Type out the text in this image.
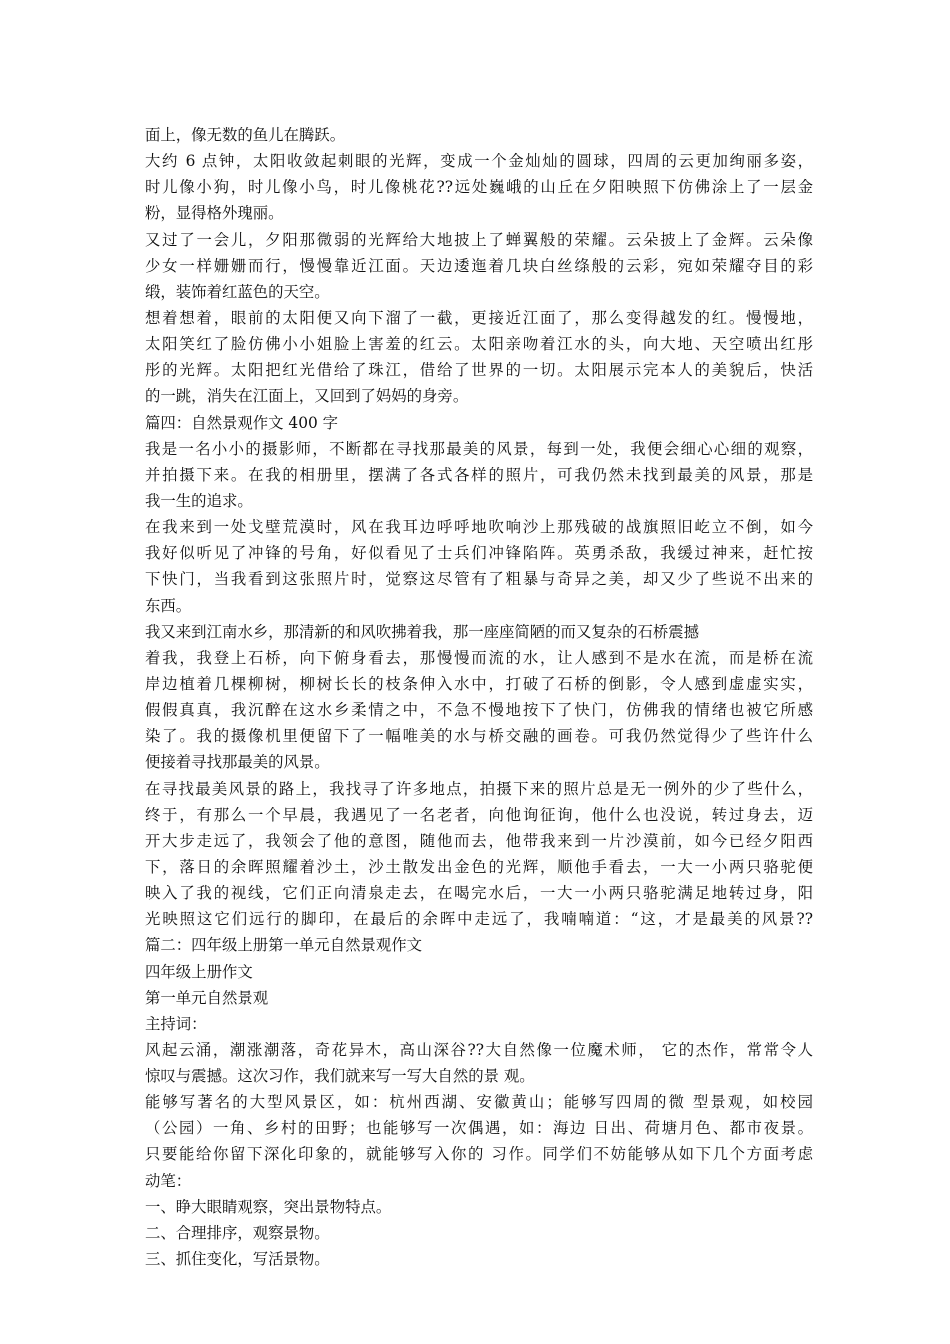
面上，像无数的鱼儿在腾跃。
大约 6 点钟，太阳收敛起刺眼的光辉，变成一个金灿灿的圆球，四周的云更加绚丽多姿，
时儿像小狗，时儿像小鸟，时儿像桃花??远处巍峨的山丘在夕阳映照下仿佛涂上了一层金
粉，显得格外瑰丽。
又过了一会儿，夕阳那微弱的光辉给大地披上了蝉翼般的荣耀。云朵披上了金辉。云朵像
少女一样姗姗而行，慢慢靠近江面。天边逶迤着几块白丝绦般的云彩，宛如荣耀夺目的彩
缎，装饰着红蓝色的天空。
想着想着，眼前的太阳便又向下溜了一截，更接近江面了，那么变得越发的红。慢慢地，
太阳笑红了脸仿佛小小姐脸上害羞的红云。太阳亲吻着江水的头，向大地、天空喷出红彤
彤的光辉。太阳把红光借给了珠江，借给了世界的一切。太阳展示完本人的美貌后，快活
的一跳，消失在江面上，又回到了妈妈的身旁。
篇四：自然景观作文 400 字
我是一名小小的摄影师，不断都在寻找那最美的风景，每到一处，我便会细心心细的观察，
并拍摄下来。在我的相册里，摆满了各式各样的照片，可我仍然未找到最美的风景，那是
我一生的追求。
在我来到一处戈壁荒漠时，风在我耳边呼呼地吹响沙上那残破的战旗照旧屹立不倒，如今
我好似听见了冲锋的号角，好似看见了士兵们冲锋陷阵。英勇杀敌，我缓过神来，赶忙按
下快门，当我看到这张照片时，觉察这尽管有了粗暴与奇异之美，却又少了些说不出来的
东西。
我又来到江南水乡，那清新的和风吹拂着我，那一座座简陋的而又复杂的石桥震撼
着我，我登上石桥，向下俯身看去，那慢慢而流的水，让人感到不是水在流，而是桥在流
岸边植着几棵柳树，柳树长长的枝条伸入水中，打破了石桥的倒影，令人感到虚虚实实，
假假真真，我沉醉在这水乡柔情之中，不急不慢地按下了快门，仿佛我的情绪也被它所感
染了。我的摄像机里便留下了一幅唯美的水与桥交融的画卷。可我仍然觉得少了些许什么
便接着寻找那最美的风景。
在寻找最美风景的路上，我找寻了许多地点，拍摄下来的照片总是无一例外的少了些什么，
终于，有那么一个早晨，我遇见了一名老者，向他询征询，他什么也没说，转过身去，迈
开大步走远了，我领会了他的意图，随他而去，他带我来到一片沙漠前，如今已经夕阳西
下，落日的余晖照耀着沙土，沙土散发出金色的光辉，顺他手看去，一大一小两只骆驼便
映入了我的视线，它们正向清泉走去，在喝完水后，一大一小两只骆驼满足地转过身，阳
光映照这它们远行的脚印，在最后的余晖中走远了，我喃喃道：“这，才是最美的风景??
篇二：四年级上册第一单元自然景观作文
四年级上册作文
第一单元自然景观
主持词：
风起云涌，潮涨潮落，奇花异木，高山深谷??大自然像一位魔术师， 它的杰作，常常令人
惊叹与震撼。这次习作，我们就来写一写大自然的景 观。
能够写著名的大型风景区，如：杭州西湖、安徽黄山；能够写四周的微 型景观，如校园
（公园）一角、乡村的田野；也能够写一次偶遇，如：海边 日出、荷塘月色、都市夜景。
只要能给你留下深化印象的，就能够写入你的 习作。同学们不妨能够从如下几个方面考虑
动笔：
一、睁大眼睛观察，突出景物特点。
二、合理排序，观察景物。
三、抓住变化，写活景物。
